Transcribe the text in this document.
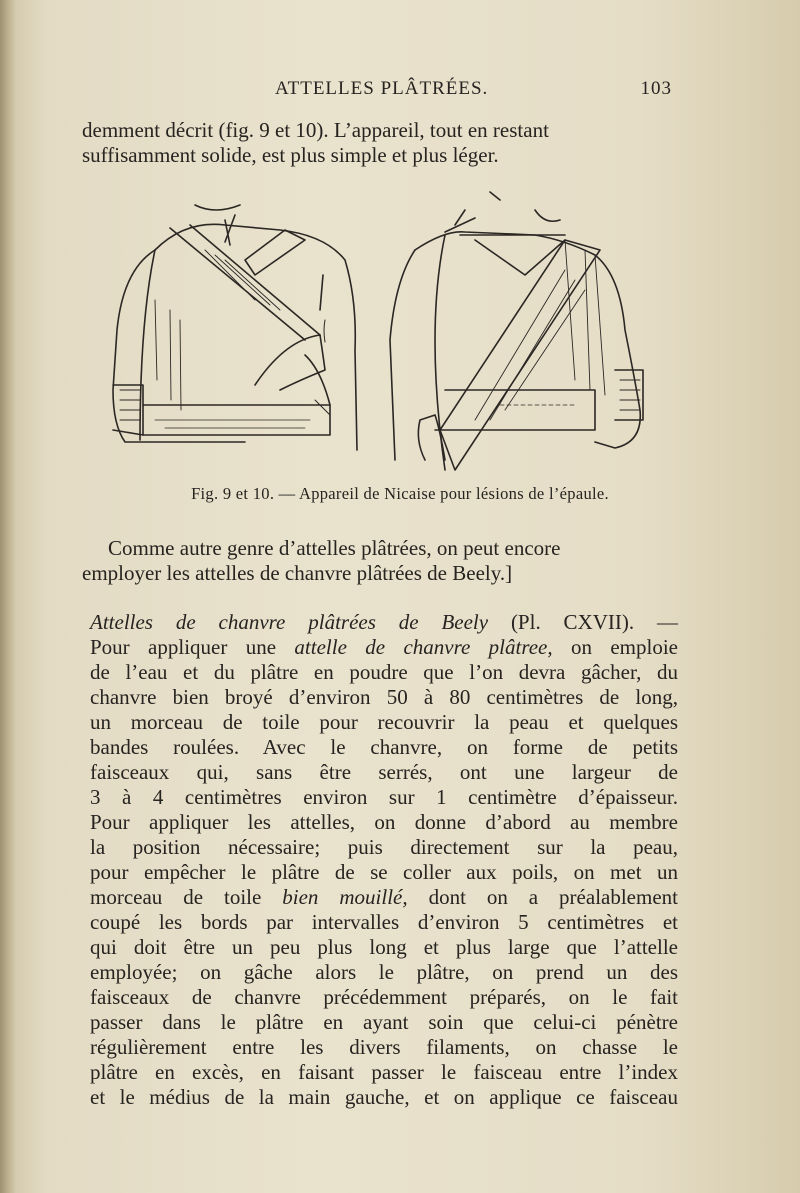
ATTELLES PLÂTRÉES.	103

demment décrit (fig. 9 et 10). L’appareil, tout en restant
suffisamment solide, est plus simple et plus léger.

Fig. 9 et 10. — Appareil de Nicaise pour lésions de l’épaule.

Comme autre genre d’attelles plâtrées, on peut encore
employer les attelles de chanvre plâtrées de Beely.]

Attelles de chanvre plâtrées de Beely (Pl. CXVII). —
Pour appliquer une attelle de chanvre plâtree, on emploie
de l’eau et du plâtre en poudre que l’on devra gâcher, du
chanvre bien broyé d’environ 50 à 80 centimètres de long,
un morceau de toile pour recouvrir la peau et quelques
bandes roulées. Avec le chanvre, on forme de petits
faisceaux qui, sans être serrés, ont une largeur de
3 à 4 centimètres environ sur 1 centimètre d’épaisseur.
Pour appliquer les attelles, on donne d’abord au membre
la position nécessaire; puis directement sur la peau,
pour empêcher le plâtre de se coller aux poils, on met un
morceau de toile bien mouillé, dont on a préalablement
coupé les bords par intervalles d’environ 5 centimètres et
qui doit être un peu plus long et plus large que l’attelle
employée; on gâche alors le plâtre, on prend un des
faisceaux de chanvre précédemment préparés, on le fait
passer dans le plâtre en ayant soin que celui-ci pénètre
régulièrement entre les divers filaments, on chasse le
plâtre en excès, en faisant passer le faisceau entre l’index
et le médius de la main gauche, et on applique ce faisceau
